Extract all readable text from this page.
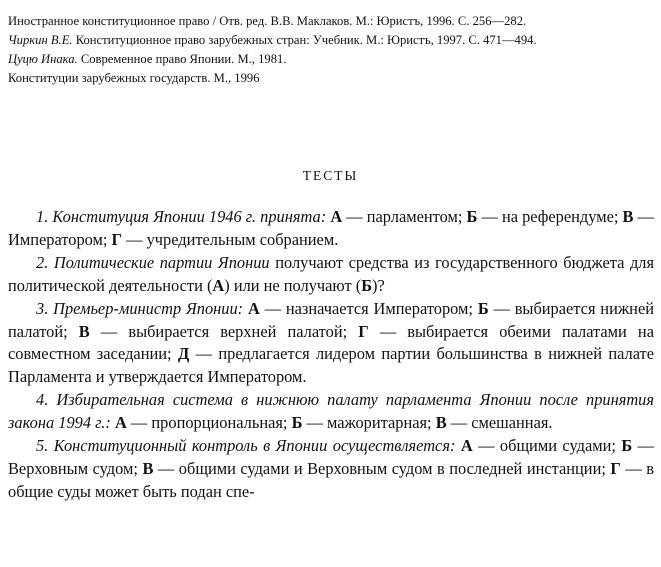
Иностранное конституционное право / Отв. ред. В.В. Маклаков. М.: Юристъ, 1996. С. 256—282.

Чиркин В.Е. Конституционное право зарубежных стран: Учебник. М.: Юристъ, 1997. С. 471—494.

Цуцю Инака. Современное право Японии. М., 1981.

Конституции зарубежных государств. М., 1996

ТЕСТЫ

1. Конституция Японии 1946 г. принята: А — парламентом; Б — на референдуме; В — Императором; Г — учредительным собранием.

2. Политические партии Японии получают средства из государственного бюджета для политической деятельности (А) или не получают (Б)?

3. Премьер-министр Японии: А — назначается Императором; Б — выбирается нижней палатой; В — выбирается верхней палатой; Г — выбирается обеими палатами на совместном заседании; Д — предлагается лидером партии большинства в нижней палате Парламента и утверждается Императором.

4. Избирательная система в нижнюю палату парламента Японии после принятия закона 1994 г.: А — пропорциональная; Б — мажоритарная; В — смешанная.

5. Конституционный контроль в Японии осуществляется: А — общими судами; Б — Верховным судом; В — общими судами и Верховным судом в последней инстанции; Г — в общие суды может быть подан спе-
